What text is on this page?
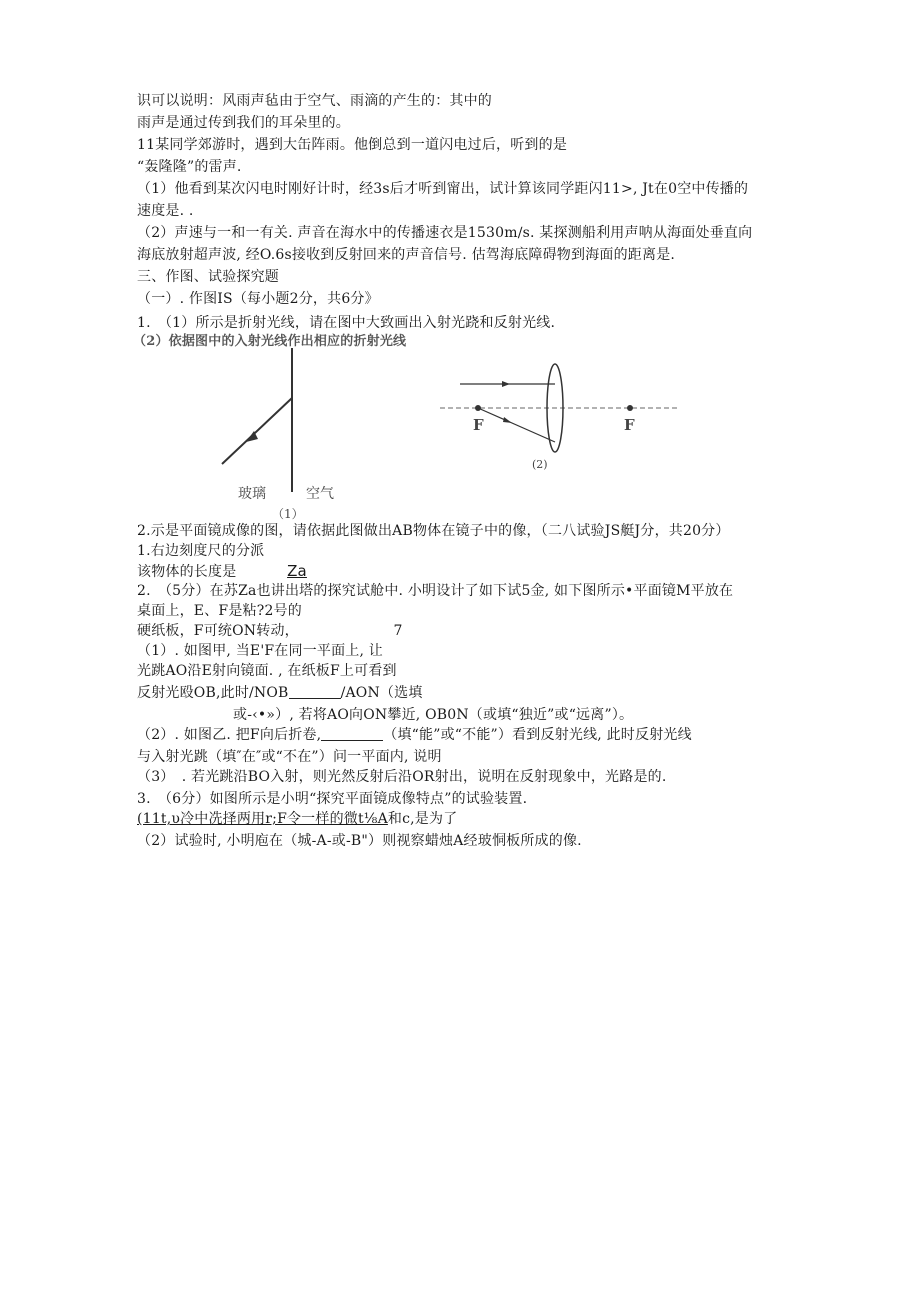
识可以说明：风雨声毡由于空气、雨滴的产生的：其中的
雨声是通过传到我们的耳朵里的。
11某同学郊游时，遇到大缶阵雨。他倒总到一道闪电过后，听到的是
“轰隆隆”的雷声.
（1）他看到某次闪电时刚好计时，经3s后才听到甯出，试计算该同学距闪11>, Jt在0空中传播的
速度是. .
（2）声速与一和一有关. 声音在海水中的传播速衣是1530m∕s. 某探测船利用声呐从海面处垂直向
海底放射超声波, 经O.6s接收到反射回来的声音信号. 估驾海底障碍物到海面的距离是.
三、作图、试验探究题
（一）. 作图IS（每小题2分，共6分》
1.　（1）所示是折射光线，请在图中大致画出入射光跷和反射光线.
（2）依据图中的入射光线作出相应的折射光线
玻璃	空气
（1）
F	F
(2)
2.示是平面镜成像的图，请依据此图做出AB物体在镜子中的像，（二八试验JS艇J分，共20分）
1.右边刻度尺的分派
该物体的长度是	Za
2.　（5分）在苏Za也讲出塔的探究试舱中. 小明设计了如下试5金, 如下图所示•平面镜M平放在
桌面上，E、F是粘?2号的
硬纸板，F可统ON转动，	7
（1）. 如图甲, 当E'F在同一平面上, 让
光跳AO沿E射向镜面. , 在纸板F上可看到
反射光殴OB,此时/NOB	/AON（选填
或-‹•»）, 若将AO向ON攀近, OB0N（或填“独近”或“远离”）。
（2）. 如图乙. 把F向后折卷,	（填“能”或“不能”）看到反射光线, 此时反射光线
与入射光跳（填″在″或“不在”）问一平面内, 说明
（3）　. 若光跳沿BO入射，则光然反射后沿OR射出，说明在反射现象中，光路是的.
3.　（6分）如图所示是小明“探究平面镜成像特点”的试验装置.
(11t,υ冷中冼择两用r;F令一样的微t⅛A和c,是为了
（2）试验时, 小明庖在（城-A-或-B"）则视察蜡烛A经玻恫板所成的像.
